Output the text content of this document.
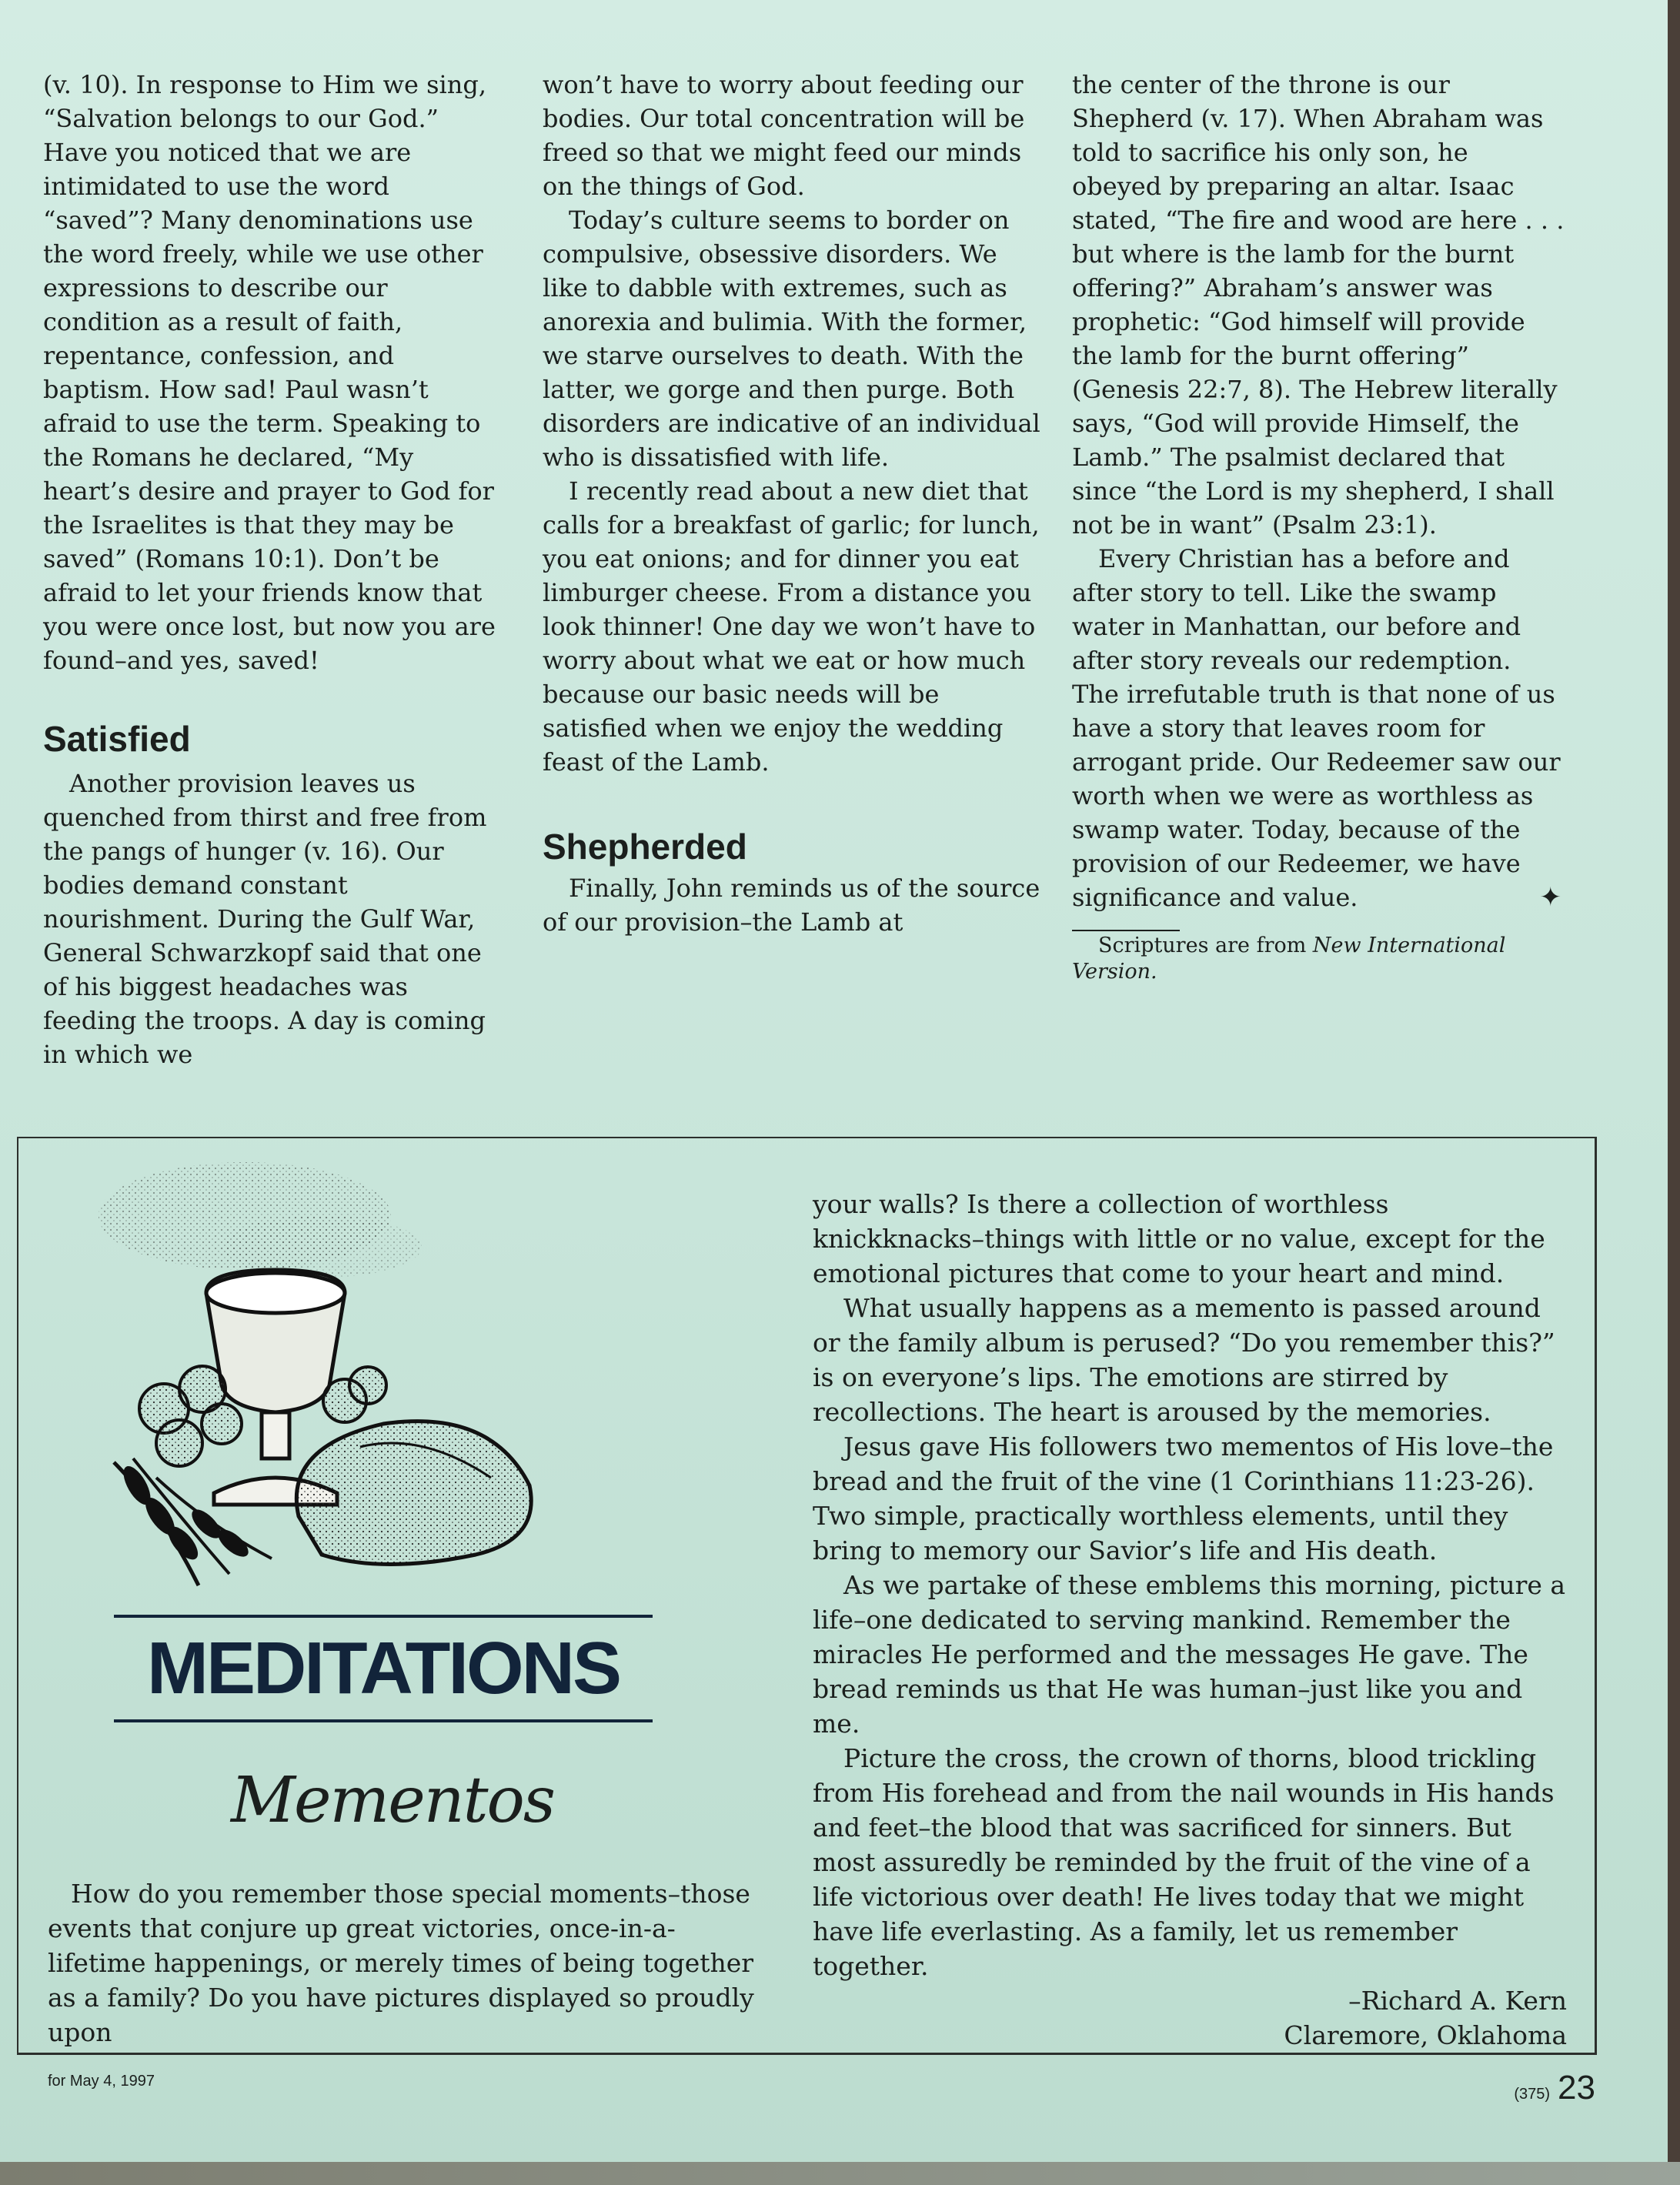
(v. 10). In response to Him we sing, “Salvation belongs to our God.” Have you noticed that we are intimidated to use the word “saved”? Many denominations use the word freely, while we use other expressions to describe our condition as a result of faith, repentance, confession, and baptism. How sad! Paul wasn’t afraid to use the term. Speaking to the Romans he declared, “My heart’s desire and prayer to God for the Israelites is that they may be saved” (Romans 10:1). Don’t be afraid to let your friends know that you were once lost, but now you are found–and yes, saved!

Satisfied

Another provision leaves us quenched from thirst and free from the pangs of hunger (v. 16). Our bodies demand constant nourishment. During the Gulf War, General Schwarzkopf said that one of his biggest headaches was feeding the troops. A day is coming in which we

won’t have to worry about feeding our bodies. Our total concentration will be freed so that we might feed our minds on the things of God.

Today’s culture seems to border on compulsive, obsessive disorders. We like to dabble with extremes, such as anorexia and bulimia. With the former, we starve ourselves to death. With the latter, we gorge and then purge. Both disorders are indicative of an individual who is dissatisfied with life.

I recently read about a new diet that calls for a breakfast of garlic; for lunch, you eat onions; and for dinner you eat limburger cheese. From a distance you look thinner! One day we won’t have to worry about what we eat or how much because our basic needs will be satisfied when we enjoy the wedding feast of the Lamb.

Shepherded

Finally, John reminds us of the source of our provision–the Lamb at

the center of the throne is our Shepherd (v. 17). When Abraham was told to sacrifice his only son, he obeyed by preparing an altar. Isaac stated, “The fire and wood are here . . . but where is the lamb for the burnt offering?” Abraham’s answer was prophetic: “God himself will provide the lamb for the burnt offering” (Genesis 22:7, 8). The Hebrew literally says, “God will provide Himself, the Lamb.” The psalmist declared that since “the Lord is my shepherd, I shall not be in want” (Psalm 23:1).

Every Christian has a before and after story to tell. Like the swamp water in Manhattan, our before and after story reveals our redemption. The irrefutable truth is that none of us have a story that leaves room for arrogant pride. Our Redeemer saw our worth when we were as worthless as swamp water. Today, because of the provision of our Redeemer, we have significance and value.	✦

Scriptures are from New International Version.

MEDITATIONS
Mementos

How do you remember those special moments–those events that conjure up great victories, once-in-a-lifetime happenings, or merely times of being together as a family? Do you have pictures displayed so proudly upon

your walls? Is there a collection of worthless knickknacks–things with little or no value, except for the emotional pictures that come to your heart and mind.

What usually happens as a memento is passed around or the family album is perused? “Do you remember this?” is on everyone’s lips. The emotions are stirred by recollections. The heart is aroused by the memories.

Jesus gave His followers two mementos of His love–the bread and the fruit of the vine (1 Corinthians 11:23-26). Two simple, practically worthless elements, until they bring to memory our Savior’s life and His death.

As we partake of these emblems this morning, picture a life–one dedicated to serving mankind. Remember the miracles He performed and the messages He gave. The bread reminds us that He was human–just like you and me.

Picture the cross, the crown of thorns, blood trickling from His forehead and from the nail wounds in His hands and feet–the blood that was sacrificed for sinners. But most assuredly be reminded by the fruit of the vine of a life victorious over death! He lives today that we might have life everlasting. As a family, let us remember together.

–Richard A. Kern

Claremore, Oklahoma

for May 4, 1997
(375) 23
